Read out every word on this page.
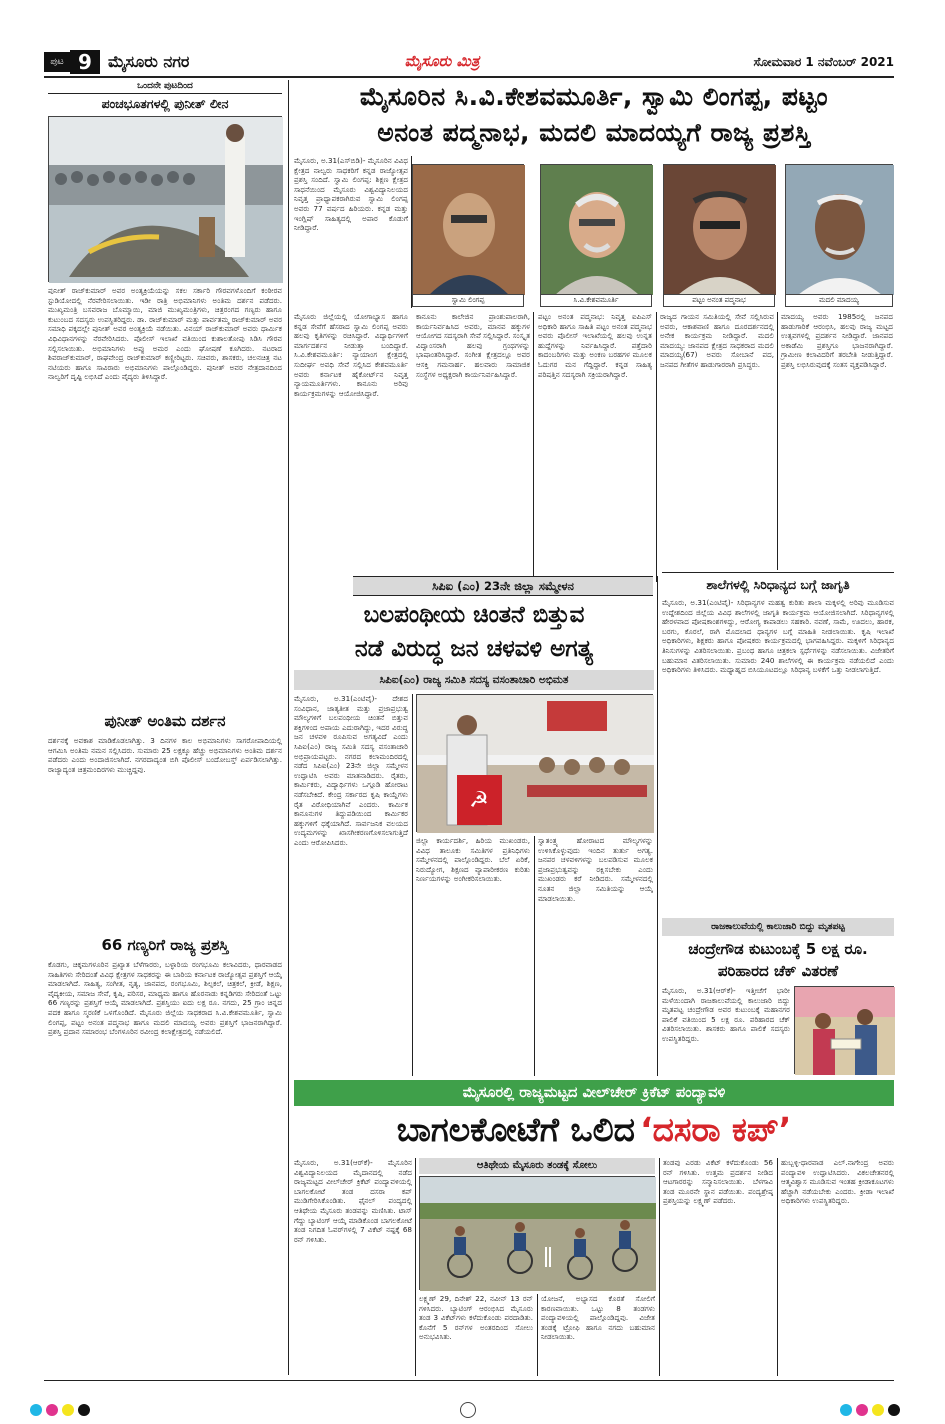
ಪುಟ 9	ಮೈಸೂರು ನಗರ	ಮೈಸೂರು ಮಿತ್ರ	ಸೋಮವಾರ 1 ನವೆಂಬರ್ 2021
ಒಂದನೇ ಪುಟದಿಂದ
ಪಂಚಭೂತಗಳಲ್ಲಿ ಪುನೀತ್ ಲೀನ
ಪುನೀತ್ ರಾಜ್‌ಕುಮಾರ್ ಅವರ ಅಂತ್ಯಕ್ರಿಯೆಯನ್ನು ಸಕಲ ಸರ್ಕಾರಿ ಗೌರವಗಳೊಂದಿಗೆ ಕಂಠೀರವ ಸ್ಟುಡಿಯೋದಲ್ಲಿ ನೆರವೇರಿಸಲಾಯಿತು. ಇಡೀ ರಾತ್ರಿ ಅಭಿಮಾನಿಗಳು ಅಂತಿಮ ದರ್ಶನ ಪಡೆದರು. ಮುಖ್ಯಮಂತ್ರಿ ಬಸವರಾಜ ಬೊಮ್ಮಾಯಿ, ಮಾಜಿ ಮುಖ್ಯಮಂತ್ರಿಗಳು, ಚಿತ್ರರಂಗದ ಗಣ್ಯರು ಹಾಗೂ ಕುಟುಂಬದ ಸದಸ್ಯರು ಉಪಸ್ಥಿತರಿದ್ದರು. ಡಾ. ರಾಜ್‌ಕುಮಾರ್ ಮತ್ತು ಪಾರ್ವತಮ್ಮ ರಾಜ್‌ಕುಮಾರ್ ಅವರ ಸಮಾಧಿ ಪಕ್ಕದಲ್ಲೇ ಪುನೀತ್ ಅವರ ಅಂತ್ಯಕ್ರಿಯೆ ನಡೆಯಿತು. ವಿನಯ್ ರಾಜ್‌ಕುಮಾರ್ ಅವರು ಧಾರ್ಮಿಕ ವಿಧಿವಿಧಾನಗಳನ್ನು ನೆರವೇರಿಸಿದರು. ಪೊಲೀಸ್ ಇಲಾಖೆ ವತಿಯಿಂದ ಕುಶಾಲತೋಪು ಸಿಡಿಸಿ ಗೌರವ ಸಲ್ಲಿಸಲಾಯಿತು. ಅಭಿಮಾನಿಗಳು ಅಪ್ಪು ಅಮರ ಎಂದು ಘೋಷಣೆ ಕೂಗಿದರು. ನಟರಾದ ಶಿವರಾಜ್‌ಕುಮಾರ್, ರಾಘವೇಂದ್ರ ರಾಜ್‌ಕುಮಾರ್ ಕಣ್ಣೀರಿಟ್ಟರು. ಸಚಿವರು, ಶಾಸಕರು, ಚಲನಚಿತ್ರ ನಟ ನಟಿಯರು ಹಾಗೂ ಸಾವಿರಾರು ಅಭಿಮಾನಿಗಳು ಪಾಲ್ಗೊಂಡಿದ್ದರು. ಪುನೀತ್ ಅವರ ನೇತ್ರದಾನದಿಂದ ನಾಲ್ವರಿಗೆ ದೃಷ್ಟಿ ಲಭಿಸಿದೆ ಎಂದು ವೈದ್ಯರು ತಿಳಿಸಿದ್ದಾರೆ.
ಪುನೀತ್ ಅಂತಿಮ ದರ್ಶನ
ದರ್ಶನಕ್ಕೆ ಅವಕಾಶ ಮಾಡಿಕೊಡಲಾಗಿತ್ತು. 3 ದಿನಗಳ ಕಾಲ ಅಭಿಮಾನಿಗಳು ಸಾಗರೋಪಾದಿಯಲ್ಲಿ ಆಗಮಿಸಿ ಅಂತಿಮ ನಮನ ಸಲ್ಲಿಸಿದರು. ಸುಮಾರು 25 ಲಕ್ಷಕ್ಕೂ ಹೆಚ್ಚು ಅಭಿಮಾನಿಗಳು ಅಂತಿಮ ದರ್ಶನ ಪಡೆದರು ಎಂದು ಅಂದಾಜಿಸಲಾಗಿದೆ. ನಗರದಾದ್ಯಂತ ಬಿಗಿ ಪೊಲೀಸ್ ಬಂದೋಬಸ್ತ್ ಏರ್ಪಡಿಸಲಾಗಿತ್ತು. ರಾಜ್ಯಾದ್ಯಂತ ಚಿತ್ರಮಂದಿರಗಳು ಮುಚ್ಚಿದ್ದವು.
66 ಗಣ್ಯರಿಗೆ ರಾಜ್ಯ ಪ್ರಶಸ್ತಿ
ಕೊಡಗು, ಚಿಕ್ಕಮಗಳೂರಿನ ಪ್ರಖ್ಯಾತ ಬೆಳೆಗಾರರು, ಬಳ್ಳಾರಿಯ ರಂಗಭೂಮಿ ಕಲಾವಿದರು, ಧಾರವಾಡದ ಸಾಹಿತಿಗಳು ಸೇರಿದಂತೆ ವಿವಿಧ ಕ್ಷೇತ್ರಗಳ ಸಾಧಕರನ್ನು ಈ ಬಾರಿಯ ಕರ್ನಾಟಕ ರಾಜ್ಯೋತ್ಸವ ಪ್ರಶಸ್ತಿಗೆ ಆಯ್ಕೆ ಮಾಡಲಾಗಿದೆ. ಸಾಹಿತ್ಯ, ಸಂಗೀತ, ನೃತ್ಯ, ಜಾನಪದ, ರಂಗಭೂಮಿ, ಶಿಲ್ಪಕಲೆ, ಚಿತ್ರಕಲೆ, ಕ್ರೀಡೆ, ಶಿಕ್ಷಣ, ವೈದ್ಯಕೀಯ, ಸಮಾಜ ಸೇವೆ, ಕೃಷಿ, ಪರಿಸರ, ಮಾಧ್ಯಮ ಹಾಗೂ ಹೊರನಾಡು ಕನ್ನಡಿಗರು ಸೇರಿದಂತೆ ಒಟ್ಟು 66 ಗಣ್ಯರನ್ನು ಪ್ರಶಸ್ತಿಗೆ ಆಯ್ಕೆ ಮಾಡಲಾಗಿದೆ. ಪ್ರಶಸ್ತಿಯು ಐದು ಲಕ್ಷ ರೂ. ನಗದು, 25 ಗ್ರಾಂ ಚಿನ್ನದ ಪದಕ ಹಾಗೂ ಸ್ಮರಣಿಕೆ ಒಳಗೊಂಡಿದೆ. ಮೈಸೂರು ಜಿಲ್ಲೆಯ ಸಾಧಕರಾದ ಸಿ.ವಿ.ಕೇಶವಮೂರ್ತಿ, ಸ್ವಾಮಿ ಲಿಂಗಪ್ಪ, ಪಟ್ಟಂ ಅನಂತ ಪದ್ಮನಾಭ ಹಾಗೂ ಮದಲಿ ಮಾದಯ್ಯ ಅವರು ಪ್ರಶಸ್ತಿಗೆ ಭಾಜನರಾಗಿದ್ದಾರೆ. ಪ್ರಶಸ್ತಿ ಪ್ರದಾನ ಸಮಾರಂಭ ಬೆಂಗಳೂರಿನ ರವೀಂದ್ರ ಕಲಾಕ್ಷೇತ್ರದಲ್ಲಿ ನಡೆಯಲಿದೆ.
ಮೈಸೂರಿನ ಸಿ.ವಿ.ಕೇಶವಮೂರ್ತಿ, ಸ್ವಾಮಿ ಲಿಂಗಪ್ಪ, ಪಟ್ಟಂ
ಅನಂತ ಪದ್ಮನಾಭ, ಮದಲಿ ಮಾದಯ್ಯಗೆ ರಾಜ್ಯ ಪ್ರಶಸ್ತಿ
ಮೈಸೂರು, ಅ.31(ಎಸ್‌ಬಿಡಿ)- ಮೈಸೂರಿನ ವಿವಿಧ ಕ್ಷೇತ್ರದ ನಾಲ್ವರು ಸಾಧಕರಿಗೆ ಕನ್ನಡ ರಾಜ್ಯೋತ್ಸವ ಪ್ರಶಸ್ತಿ ಸಂದಿದೆ. ಸ್ವಾಮಿ ಲಿಂಗಪ್ಪ: ಶಿಕ್ಷಣ ಕ್ಷೇತ್ರದ ಸಾಧನೆಯಿಂದ ಮೈಸೂರು ವಿಶ್ವವಿದ್ಯಾನಿಲಯದ ನಿವೃತ್ತ ಪ್ರಾಧ್ಯಾಪಕರಾಗಿರುವ ಸ್ವಾಮಿ ಲಿಂಗಪ್ಪ ಅವರು 77 ವರ್ಷದ ಹಿರಿಯರು. ಕನ್ನಡ ಮತ್ತು ಇಂಗ್ಲಿಷ್ ಸಾಹಿತ್ಯದಲ್ಲಿ ಅಪಾರ ಕೊಡುಗೆ ನೀಡಿದ್ದಾರೆ.
ಸ್ವಾಮಿ ಲಿಂಗಪ್ಪ	ಸಿ.ವಿ.ಕೇಶವಮೂರ್ತಿ	ಪಟ್ಟಂ ಅನಂತ ಪದ್ಮನಾಭ	ಮದಲಿ ಮಾದಯ್ಯ
ಮೈಸೂರು ಜಿಲ್ಲೆಯಲ್ಲಿ ಯೋಗಾಭ್ಯಾಸ ಹಾಗೂ ಕನ್ನಡ ಸೇವೆಗೆ ಹೆಸರಾದ ಸ್ವಾಮಿ ಲಿಂಗಪ್ಪ ಅವರು ಹಲವು ಕೃತಿಗಳನ್ನು ರಚಿಸಿದ್ದಾರೆ. ವಿದ್ಯಾರ್ಥಿಗಳಿಗೆ ಮಾರ್ಗದರ್ಶನ ನೀಡುತ್ತಾ ಬಂದಿದ್ದಾರೆ. ಸಿ.ವಿ.ಕೇಶವಮೂರ್ತಿ: ನ್ಯಾಯಾಂಗ ಕ್ಷೇತ್ರದಲ್ಲಿ ಸುದೀರ್ಘ ಅವಧಿ ಸೇವೆ ಸಲ್ಲಿಸಿದ ಕೇಶವಮೂರ್ತಿ ಅವರು ಕರ್ನಾಟಕ ಹೈಕೋರ್ಟ್‌ನ ನಿವೃತ್ತ ನ್ಯಾಯಮೂರ್ತಿಗಳು. ಕಾನೂನು ಅರಿವು ಕಾರ್ಯಕ್ರಮಗಳನ್ನು ಆಯೋಜಿಸಿದ್ದಾರೆ.
ಕಾನೂನು ಕಾಲೇಜಿನ ಪ್ರಾಂಶುಪಾಲರಾಗಿ, ಕಾರ್ಯನಿರ್ವಹಿಸಿದ ಅವರು, ಮಾನವ ಹಕ್ಕುಗಳ ಆಯೋಗದ ಸದಸ್ಯರಾಗಿ ಸೇವೆ ಸಲ್ಲಿಸಿದ್ದಾರೆ. ಸಂಸ್ಕೃತ ವಿದ್ವಾಂಸರಾಗಿ ಹಲವು ಗ್ರಂಥಗಳನ್ನು ಭಾಷಾಂತರಿಸಿದ್ದಾರೆ. ಸಂಗೀತ ಕ್ಷೇತ್ರದಲ್ಲೂ ಅವರ ಆಸಕ್ತಿ ಗಮನಾರ್ಹ. ಹಲವಾರು ಸಾಮಾಜಿಕ ಸಂಸ್ಥೆಗಳ ಅಧ್ಯಕ್ಷರಾಗಿ ಕಾರ್ಯನಿರ್ವಹಿಸಿದ್ದಾರೆ.
ಪಟ್ಟಂ ಅನಂತ ಪದ್ಮನಾಭ: ನಿವೃತ್ತ ಐಪಿಎಸ್ ಅಧಿಕಾರಿ ಹಾಗೂ ಸಾಹಿತಿ ಪಟ್ಟಂ ಅನಂತ ಪದ್ಮನಾಭ ಅವರು ಪೊಲೀಸ್ ಇಲಾಖೆಯಲ್ಲಿ ಹಲವು ಉನ್ನತ ಹುದ್ದೆಗಳನ್ನು ನಿರ್ವಹಿಸಿದ್ದಾರೆ. ಪತ್ತೆದಾರಿ ಕಾದಂಬರಿಗಳು ಮತ್ತು ಅಂಕಣ ಬರಹಗಳ ಮೂಲಕ ಓದುಗರ ಮನ ಗೆದ್ದಿದ್ದಾರೆ. ಕನ್ನಡ ಸಾಹಿತ್ಯ ಪರಿಷತ್ತಿನ ಸದಸ್ಯರಾಗಿ ಸಕ್ರಿಯರಾಗಿದ್ದಾರೆ.
ರಾಜ್ಯದ ಗಾಯನ ಸಮಿತಿಯಲ್ಲಿ ಸೇವೆ ಸಲ್ಲಿಸಿರುವ ಅವರು, ಆಕಾಶವಾಣಿ ಹಾಗೂ ದೂರದರ್ಶನದಲ್ಲಿ ಅನೇಕ ಕಾರ್ಯಕ್ರಮ ನೀಡಿದ್ದಾರೆ. ಮದಲಿ ಮಾದಯ್ಯ: ಜಾನಪದ ಕ್ಷೇತ್ರದ ಸಾಧಕರಾದ ಮದಲಿ ಮಾದಯ್ಯ(67) ಅವರು ಸೋಬಾನೆ ಪದ, ಜನಪದ ಗೀತೆಗಳ ಹಾಡುಗಾರರಾಗಿ ಪ್ರಸಿದ್ಧರು.
ಮಾದಯ್ಯ ಅವರು 1985ರಲ್ಲಿ ಜನಪದ ಹಾಡುಗಾರಿಕೆ ಆರಂಭಿಸಿ, ಹಲವು ರಾಜ್ಯ ಮಟ್ಟದ ಉತ್ಸವಗಳಲ್ಲಿ ಪ್ರದರ್ಶನ ನೀಡಿದ್ದಾರೆ. ಜಾನಪದ ಅಕಾಡೆಮಿ ಪ್ರಶಸ್ತಿಗೂ ಭಾಜನರಾಗಿದ್ದಾರೆ. ಗ್ರಾಮೀಣ ಕಲಾವಿದರಿಗೆ ತರಬೇತಿ ನೀಡುತ್ತಿದ್ದಾರೆ. ಪ್ರಶಸ್ತಿ ಲಭಿಸಿರುವುದಕ್ಕೆ ಸಂತಸ ವ್ಯಕ್ತಪಡಿಸಿದ್ದಾರೆ.
ಸಿಪಿಐ (ಎಂ) 23ನೇ ಜಿಲ್ಲಾ ಸಮ್ಮೇಳನ
ಬಲಪಂಥೀಯ ಚಿಂತನೆ ಬಿತ್ತುವ
ನಡೆ ವಿರುದ್ಧ ಜನ ಚಳವಳಿ ಅಗತ್ಯ
ಸಿಪಿಐ(ಎಂ) ರಾಜ್ಯ ಸಮಿತಿ ಸದಸ್ಯ ವಸಂತಾಚಾರಿ ಅಭಿಮತ
ಮೈಸೂರು, ಅ.31(ಎಂಟಿವೈ)- ದೇಶದ ಸಂವಿಧಾನ, ಜಾತ್ಯತೀತ ಮತ್ತು ಪ್ರಜಾಪ್ರಭುತ್ವ ಮೌಲ್ಯಗಳಿಗೆ ಬಲಪಂಥೀಯ ಚಿಂತನೆ ಬಿತ್ತುವ ಶಕ್ತಿಗಳಿಂದ ಅಪಾಯ ಎದುರಾಗಿದ್ದು, ಇದರ ವಿರುದ್ಧ ಜನ ಚಳವಳಿ ರೂಪಿಸುವ ಅಗತ್ಯವಿದೆ ಎಂದು ಸಿಪಿಐ(ಎಂ) ರಾಜ್ಯ ಸಮಿತಿ ಸದಸ್ಯ ವಸಂತಾಚಾರಿ ಅಭಿಪ್ರಾಯಪಟ್ಟರು. ನಗರದ ಕಲಾಮಂದಿರದಲ್ಲಿ ನಡೆದ ಸಿಪಿಐ(ಎಂ) 23ನೇ ಜಿಲ್ಲಾ ಸಮ್ಮೇಳನ ಉದ್ಘಾಟಿಸಿ ಅವರು ಮಾತನಾಡಿದರು. ರೈತರು, ಕಾರ್ಮಿಕರು, ವಿದ್ಯಾರ್ಥಿಗಳು ಒಗ್ಗೂಡಿ ಹೋರಾಟ ನಡೆಸಬೇಕಿದೆ. ಕೇಂದ್ರ ಸರ್ಕಾರದ ಕೃಷಿ ಕಾಯ್ದೆಗಳು ರೈತ ವಿರೋಧಿಯಾಗಿವೆ ಎಂದರು. ಕಾರ್ಮಿಕ ಕಾನೂನುಗಳ ತಿದ್ದುಪಡಿಯಿಂದ ಕಾರ್ಮಿಕರ ಹಕ್ಕುಗಳಿಗೆ ಧಕ್ಕೆಯಾಗಿದೆ. ಸಾರ್ವಜನಿಕ ವಲಯದ ಉದ್ಯಮಗಳನ್ನು ಖಾಸಗೀಕರಣಗೊಳಿಸಲಾಗುತ್ತಿದೆ ಎಂದು ಆರೋಪಿಸಿದರು.
☭
ಜಿಲ್ಲಾ ಕಾರ್ಯದರ್ಶಿ, ಹಿರಿಯ ಮುಖಂಡರು, ವಿವಿಧ ತಾಲೂಕು ಸಮಿತಿಗಳ ಪ್ರತಿನಿಧಿಗಳು ಸಮ್ಮೇಳನದಲ್ಲಿ ಪಾಲ್ಗೊಂಡಿದ್ದರು. ಬೆಲೆ ಏರಿಕೆ, ನಿರುದ್ಯೋಗ, ಶಿಕ್ಷಣದ ವ್ಯಾಪಾರೀಕರಣ ಕುರಿತು ನಿರ್ಣಯಗಳನ್ನು ಅಂಗೀಕರಿಸಲಾಯಿತು.
ಸ್ವಾತಂತ್ರ್ಯ ಹೋರಾಟದ ಮೌಲ್ಯಗಳನ್ನು ಉಳಿಸಿಕೊಳ್ಳುವುದು ಇಂದಿನ ತುರ್ತು ಅಗತ್ಯ. ಜನಪರ ಚಳವಳಿಗಳನ್ನು ಬಲಪಡಿಸುವ ಮೂಲಕ ಪ್ರಜಾಪ್ರಭುತ್ವವನ್ನು ರಕ್ಷಿಸಬೇಕು ಎಂದು ಮುಖಂಡರು ಕರೆ ನೀಡಿದರು. ಸಮ್ಮೇಳನದಲ್ಲಿ ನೂತನ ಜಿಲ್ಲಾ ಸಮಿತಿಯನ್ನು ಆಯ್ಕೆ ಮಾಡಲಾಯಿತು.
ಶಾಲೆಗಳಲ್ಲಿ ಸಿರಿಧಾನ್ಯದ ಬಗ್ಗೆ ಜಾಗೃತಿ
ಮೈಸೂರು, ಅ.31(ಎಂಟಿವೈ)- ಸಿರಿಧಾನ್ಯಗಳ ಮಹತ್ವ ಕುರಿತು ಶಾಲಾ ಮಕ್ಕಳಲ್ಲಿ ಅರಿವು ಮೂಡಿಸುವ ಉದ್ದೇಶದಿಂದ ಜಿಲ್ಲೆಯ ವಿವಿಧ ಶಾಲೆಗಳಲ್ಲಿ ಜಾಗೃತಿ ಕಾರ್ಯಕ್ರಮ ಆಯೋಜಿಸಲಾಗಿದೆ. ಸಿರಿಧಾನ್ಯಗಳಲ್ಲಿ ಹೇರಳವಾದ ಪೋಷಕಾಂಶಗಳಿದ್ದು, ಆರೋಗ್ಯ ಕಾಪಾಡಲು ಸಹಕಾರಿ. ನವಣೆ, ಸಾಮೆ, ಊದಲು, ಹಾರಕ, ಬರಗು, ಕೊರಲೆ, ರಾಗಿ ಮೊದಲಾದ ಧಾನ್ಯಗಳ ಬಗ್ಗೆ ಮಾಹಿತಿ ನೀಡಲಾಯಿತು. ಕೃಷಿ ಇಲಾಖೆ ಅಧಿಕಾರಿಗಳು, ಶಿಕ್ಷಕರು ಹಾಗೂ ಪೋಷಕರು ಕಾರ್ಯಕ್ರಮದಲ್ಲಿ ಭಾಗವಹಿಸಿದ್ದರು. ಮಕ್ಕಳಿಗೆ ಸಿರಿಧಾನ್ಯದ ತಿನಿಸುಗಳನ್ನು ವಿತರಿಸಲಾಯಿತು. ಪ್ರಬಂಧ ಹಾಗೂ ಚಿತ್ರಕಲಾ ಸ್ಪರ್ಧೆಗಳನ್ನು ನಡೆಸಲಾಯಿತು. ವಿಜೇತರಿಗೆ ಬಹುಮಾನ ವಿತರಿಸಲಾಯಿತು. ಸುಮಾರು 240 ಶಾಲೆಗಳಲ್ಲಿ ಈ ಕಾರ್ಯಕ್ರಮ ನಡೆಯಲಿದೆ ಎಂದು ಅಧಿಕಾರಿಗಳು ತಿಳಿಸಿದರು. ಮಧ್ಯಾಹ್ನದ ಬಿಸಿಯೂಟದಲ್ಲೂ ಸಿರಿಧಾನ್ಯ ಬಳಕೆಗೆ ಒತ್ತು ನೀಡಲಾಗುತ್ತಿದೆ.
ರಾಜಕಾಲುವೆಯಲ್ಲಿ ಕಾಲುಜಾರಿ ಬಿದ್ದು ಮೃತಪಟ್ಟ
ಚಂದ್ರೇಗೌಡ ಕುಟುಂಬಕ್ಕೆ 5 ಲಕ್ಷ ರೂ.
ಪರಿಹಾರದ ಚೆಕ್ ವಿತರಣೆ
ಮೈಸೂರು, ಅ.31(ಆರ್‌ಕೆ)- ಇತ್ತೀಚೆಗೆ ಭಾರೀ ಮಳೆಯಿಂದಾಗಿ ರಾಜಕಾಲುವೆಯಲ್ಲಿ ಕಾಲುಜಾರಿ ಬಿದ್ದು ಮೃತಪಟ್ಟ ಚಂದ್ರೇಗೌಡ ಅವರ ಕುಟುಂಬಕ್ಕೆ ಮಹಾನಗರ ಪಾಲಿಕೆ ವತಿಯಿಂದ 5 ಲಕ್ಷ ರೂ. ಪರಿಹಾರದ ಚೆಕ್ ವಿತರಿಸಲಾಯಿತು. ಶಾಸಕರು ಹಾಗೂ ಪಾಲಿಕೆ ಸದಸ್ಯರು ಉಪಸ್ಥಿತರಿದ್ದರು.
ಮೈಸೂರಲ್ಲಿ ರಾಜ್ಯಮಟ್ಟದ ವೀಲ್‌ಚೇರ್ ಕ್ರಿಕೆಟ್ ಪಂದ್ಯಾವಳಿ
ಬಾಗಲಕೋಟೆಗೆ ಒಲಿದ ‘ದಸರಾ ಕಪ್’
ಮೈಸೂರು, ಅ.31(ಆರ್‌ಕೆ)- ಮೈಸೂರಿನ ವಿಶ್ವವಿದ್ಯಾನಿಲಯದ ಮೈದಾನದಲ್ಲಿ ನಡೆದ ರಾಜ್ಯಮಟ್ಟದ ವೀಲ್‌ಚೇರ್ ಕ್ರಿಕೆಟ್ ಪಂದ್ಯಾವಳಿಯಲ್ಲಿ ಬಾಗಲಕೋಟೆ ತಂಡ ದಸರಾ ಕಪ್ ಮುಡಿಗೇರಿಸಿಕೊಂಡಿತು. ಫೈನಲ್ ಪಂದ್ಯದಲ್ಲಿ ಆತಿಥೇಯ ಮೈಸೂರು ತಂಡವನ್ನು ಮಣಿಸಿತು. ಟಾಸ್ ಗೆದ್ದು ಬ್ಯಾಟಿಂಗ್ ಆಯ್ಕೆ ಮಾಡಿಕೊಂಡ ಬಾಗಲಕೋಟೆ ತಂಡ ನಿಗದಿತ ಓವರ್‌ಗಳಲ್ಲಿ 7 ವಿಕೆಟ್ ನಷ್ಟಕ್ಕೆ 68 ರನ್ ಗಳಿಸಿತು.
ಆತಿಥೇಯ ಮೈಸೂರು ತಂಡಕ್ಕೆ ಸೋಲು
ಲಕ್ಷ್ಮಣ್ 29, ದಿನೇಶ್ 22, ನವೀನ್ 13 ರನ್ ಗಳಿಸಿದರು. ಬ್ಯಾಟಿಂಗ್ ಆರಂಭಿಸಿದ ಮೈಸೂರು ತಂಡ 3 ವಿಕೆಟ್‌ಗಳು ಕಳೆದುಕೊಂಡು ಪರದಾಡಿತು. ಕೊನೆಗೆ 5 ರನ್‌ಗಳ ಅಂತರದಿಂದ ಸೋಲು ಅನುಭವಿಸಿತು.
ಯೋಜನೆ, ಅಭ್ಯಾಸದ ಕೊರತೆ ಸೋಲಿಗೆ ಕಾರಣವಾಯಿತು. ಒಟ್ಟು 8 ತಂಡಗಳು ಪಂದ್ಯಾವಳಿಯಲ್ಲಿ ಪಾಲ್ಗೊಂಡಿದ್ದವು. ವಿಜೇತ ತಂಡಕ್ಕೆ ಟ್ರೋಫಿ ಹಾಗೂ ನಗದು ಬಹುಮಾನ ನೀಡಲಾಯಿತು.
ತಂಡವು ಎರಡು ವಿಕೆಟ್ ಕಳೆದುಕೊಂಡು 56 ರನ್ ಗಳಿಸಿತು. ಉತ್ತಮ ಪ್ರದರ್ಶನ ನೀಡಿದ ಆಟಗಾರರನ್ನು ಸನ್ಮಾನಿಸಲಾಯಿತು. ಬೆಳಗಾವಿ ತಂಡ ಮೂರನೇ ಸ್ಥಾನ ಪಡೆಯಿತು. ಪಂದ್ಯಶ್ರೇಷ್ಠ ಪ್ರಶಸ್ತಿಯನ್ನು ಲಕ್ಷ್ಮಣ್ ಪಡೆದರು.
ಹುಬ್ಬಳ್ಳಿ-ಧಾರವಾಡ ಎಲ್.ನಾಗೇಂದ್ರ ಅವರು ಪಂದ್ಯಾವಳಿ ಉದ್ಘಾಟಿಸಿದರು. ವಿಕಲಚೇತನರಲ್ಲಿ ಆತ್ಮವಿಶ್ವಾಸ ಮೂಡಿಸುವ ಇಂತಹ ಕ್ರೀಡಾಕೂಟಗಳು ಹೆಚ್ಚಾಗಿ ನಡೆಯಬೇಕು ಎಂದರು. ಕ್ರೀಡಾ ಇಲಾಖೆ ಅಧಿಕಾರಿಗಳು ಉಪಸ್ಥಿತರಿದ್ದರು.
